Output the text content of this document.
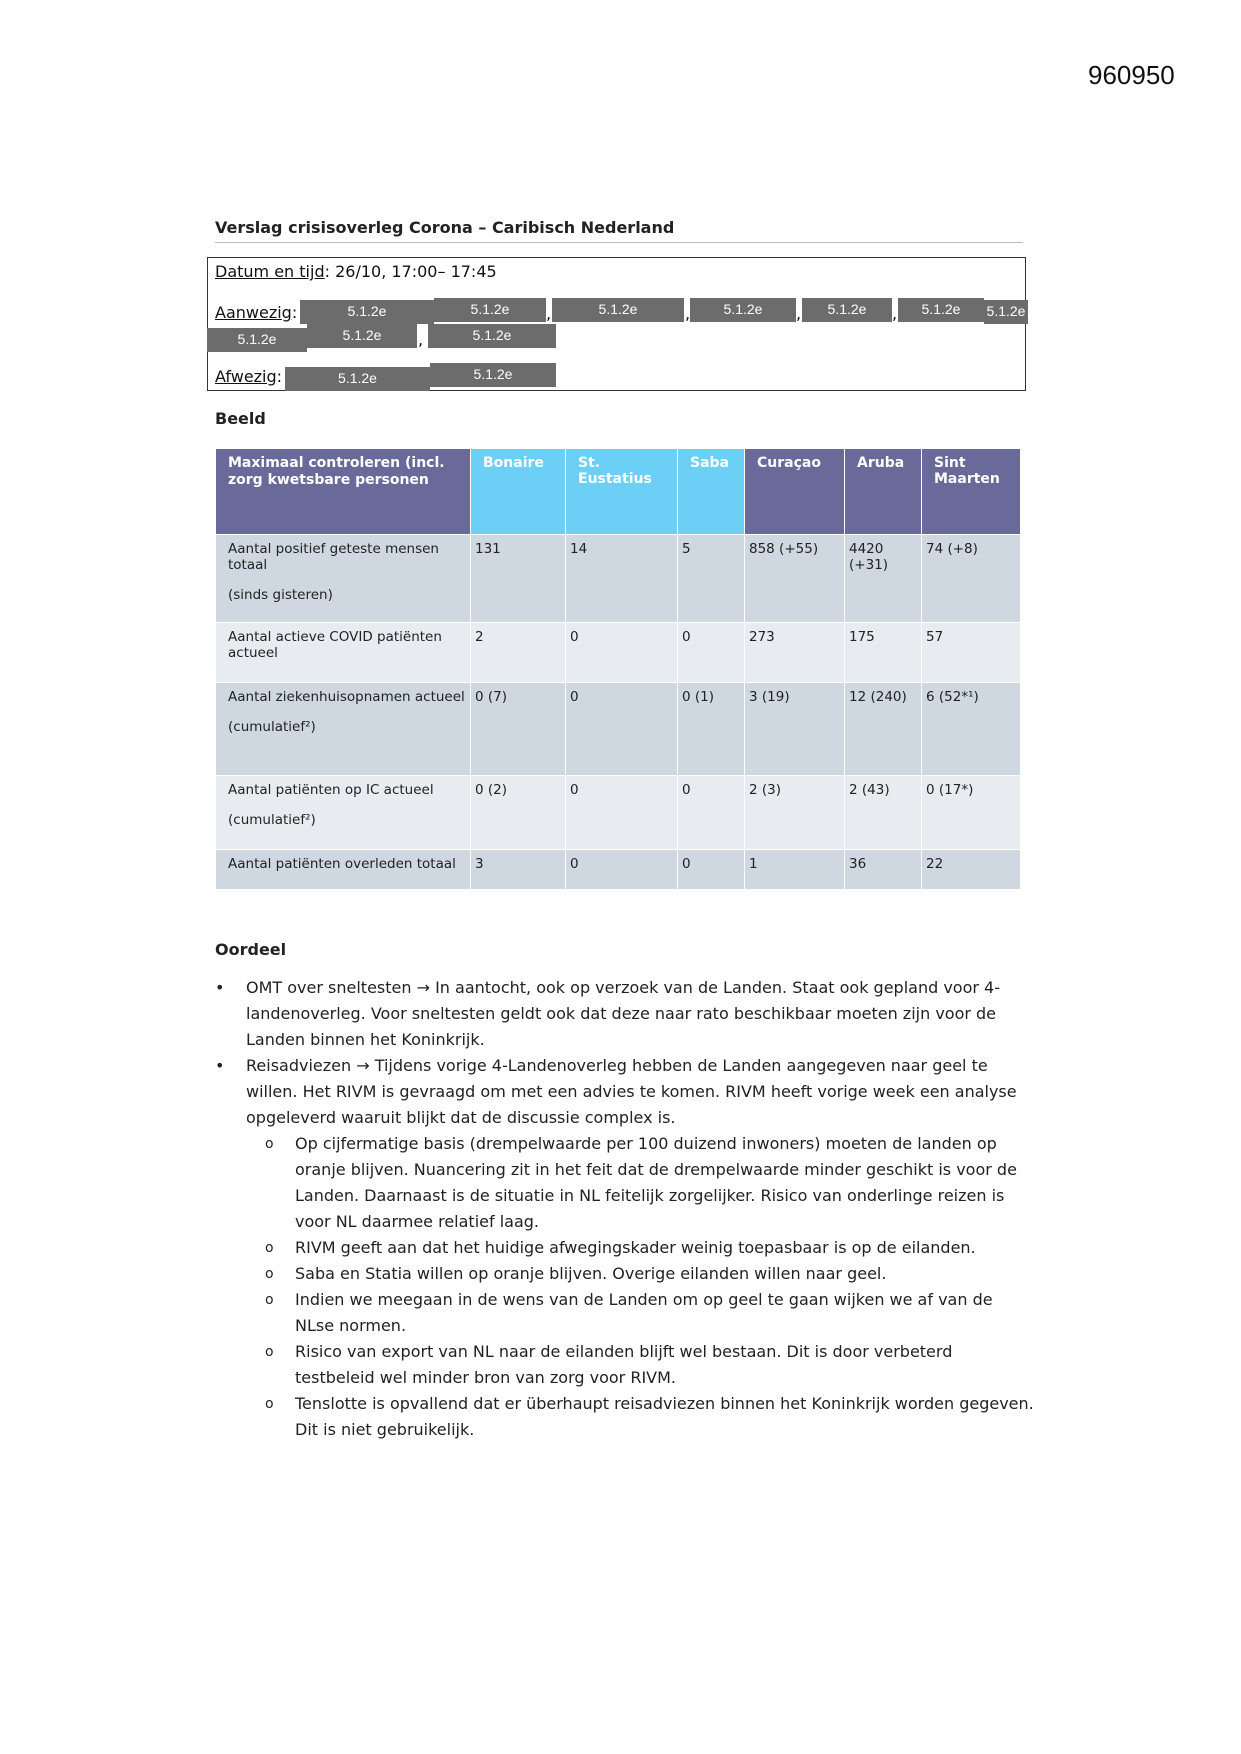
960950
Verslag crisisoverleg Corona – Caribisch Nederland
Datum en tijd: 26/10, 17:00– 17:45
Aanwezig:	5.1.2e	5.1.2e	,	5.1.2e	,	5.1.2e	,	5.1.2e	,	5.1.2e	5.1.2e
5.1.2e	5.1.2e	,	5.1.2e
Afwezig:	5.1.2e	5.1.2e
Beeld
Maximaal controleren (incl. zorg kwetsbare personen	Bonaire	St. Eustatius	Saba	Curaçao	Aruba	Sint Maarten
Aantal positief geteste mensen totaal
(sinds gisteren)	131	14	5	858 (+55)	4420 (+31)	74 (+8)
Aantal actieve COVID patiënten actueel	2	0	0	273	175	57
Aantal ziekenhuisopnamen actueel
(cumulatief²)	0 (7)	0	0 (1)	3 (19)	12 (240)	6 (52*¹)
Aantal patiënten op IC actueel
(cumulatief²)	0 (2)	0	0	2 (3)	2 (43)	0 (17*)
Aantal patiënten overleden totaal	3	0	0	1	36	22
Oordeel
• OMT over sneltesten → In aantocht, ook op verzoek van de Landen. Staat ook gepland voor 4-landenoverleg. Voor sneltesten geldt ook dat deze naar rato beschikbaar moeten zijn voor de Landen binnen het Koninkrijk.
• Reisadviezen → Tijdens vorige 4-Landenoverleg hebben de Landen aangegeven naar geel te willen. Het RIVM is gevraagd om met een advies te komen. RIVM heeft vorige week een analyse opgeleverd waaruit blijkt dat de discussie complex is.
o Op cijfermatige basis (drempelwaarde per 100 duizend inwoners) moeten de landen op oranje blijven. Nuancering zit in het feit dat de drempelwaarde minder geschikt is voor de Landen. Daarnaast is de situatie in NL feitelijk zorgelijker. Risico van onderlinge reizen is voor NL daarmee relatief laag.
o RIVM geeft aan dat het huidige afwegingskader weinig toepasbaar is op de eilanden.
o Saba en Statia willen op oranje blijven. Overige eilanden willen naar geel.
o Indien we meegaan in de wens van de Landen om op geel te gaan wijken we af van de NLse normen.
o Risico van export van NL naar de eilanden blijft wel bestaan. Dit is door verbeterd testbeleid wel minder bron van zorg voor RIVM.
o Tenslotte is opvallend dat er überhaupt reisadviezen binnen het Koninkrijk worden gegeven. Dit is niet gebruikelijk.
